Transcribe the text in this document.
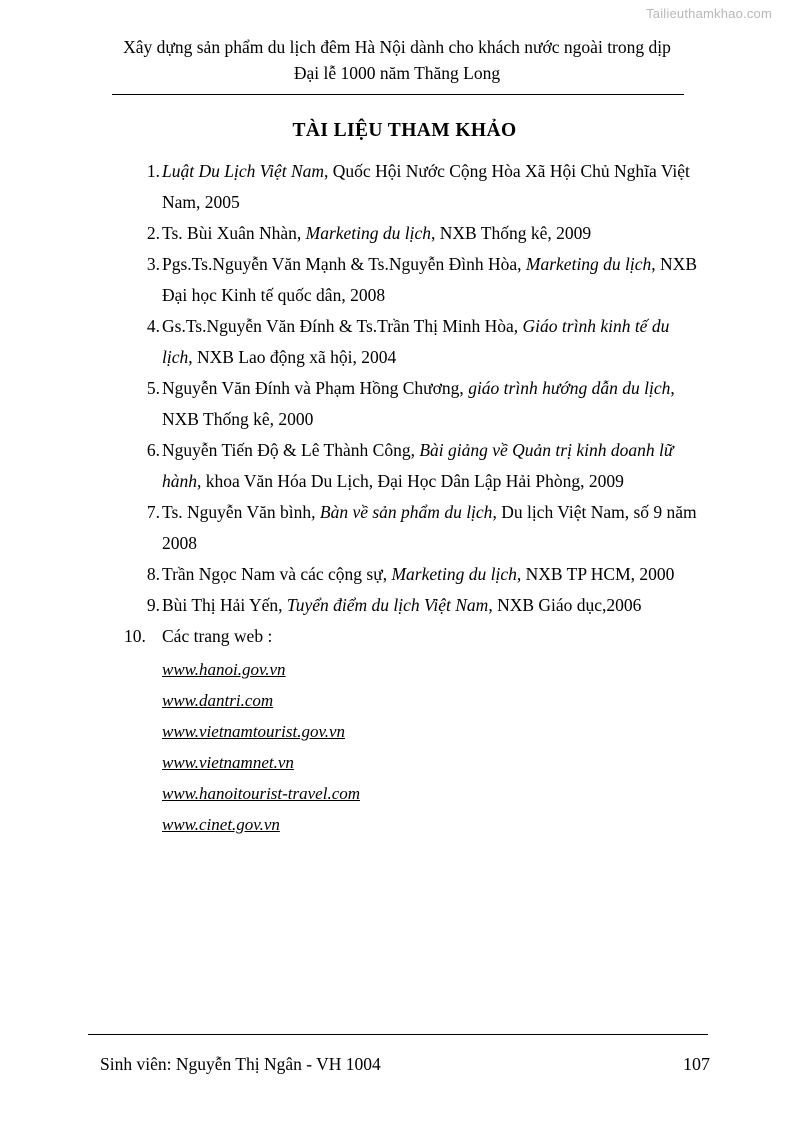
Tailieuthamkhao.com
Xây dựng sản phẩm du lịch đêm Hà Nội dành cho khách nước ngoài trong dịp
Đại lễ 1000 năm Thăng Long
TÀI LIỆU THAM KHẢO
1. Luật Du Lịch Việt Nam, Quốc Hội Nước Cộng Hòa Xã Hội Chủ Nghĩa Việt Nam, 2005
2. Ts. Bùi Xuân Nhàn, Marketing du lịch, NXB Thống kê, 2009
3. Pgs.Ts.Nguyễn Văn Mạnh & Ts.Nguyễn Đình Hòa, Marketing du lịch, NXB Đại học Kinh tế quốc dân, 2008
4. Gs.Ts.Nguyễn Văn Đính & Ts.Trần Thị Minh Hòa, Giáo trình kinh tế du lịch, NXB Lao động xã hội, 2004
5. Nguyễn Văn Đính và Phạm Hồng Chương, giáo trình hướng dẫn du lịch, NXB Thống kê, 2000
6. Nguyễn Tiến Độ & Lê Thành Công, Bài giảng về Quản trị kinh doanh lữ hành, khoa Văn Hóa Du Lịch, Đại Học Dân Lập Hải Phòng, 2009
7. Ts. Nguyễn Văn bình, Bàn về sản phẩm du lịch, Du lịch Việt Nam, số 9 năm 2008
8. Trần Ngọc Nam và các cộng sự, Marketing du lịch, NXB TP HCM, 2000
9. Bùi Thị Hải Yến, Tuyển điểm du lịch Việt Nam, NXB Giáo dục,2006
10. Các trang web :
www.hanoi.gov.vn
www.dantri.com
www.vietnamtourist.gov.vn
www.vietnamnet.vn
www.hanoitourist-travel.com
www.cinet.gov.vn
Sinh viên: Nguyễn Thị Ngân - VH 1004	107
